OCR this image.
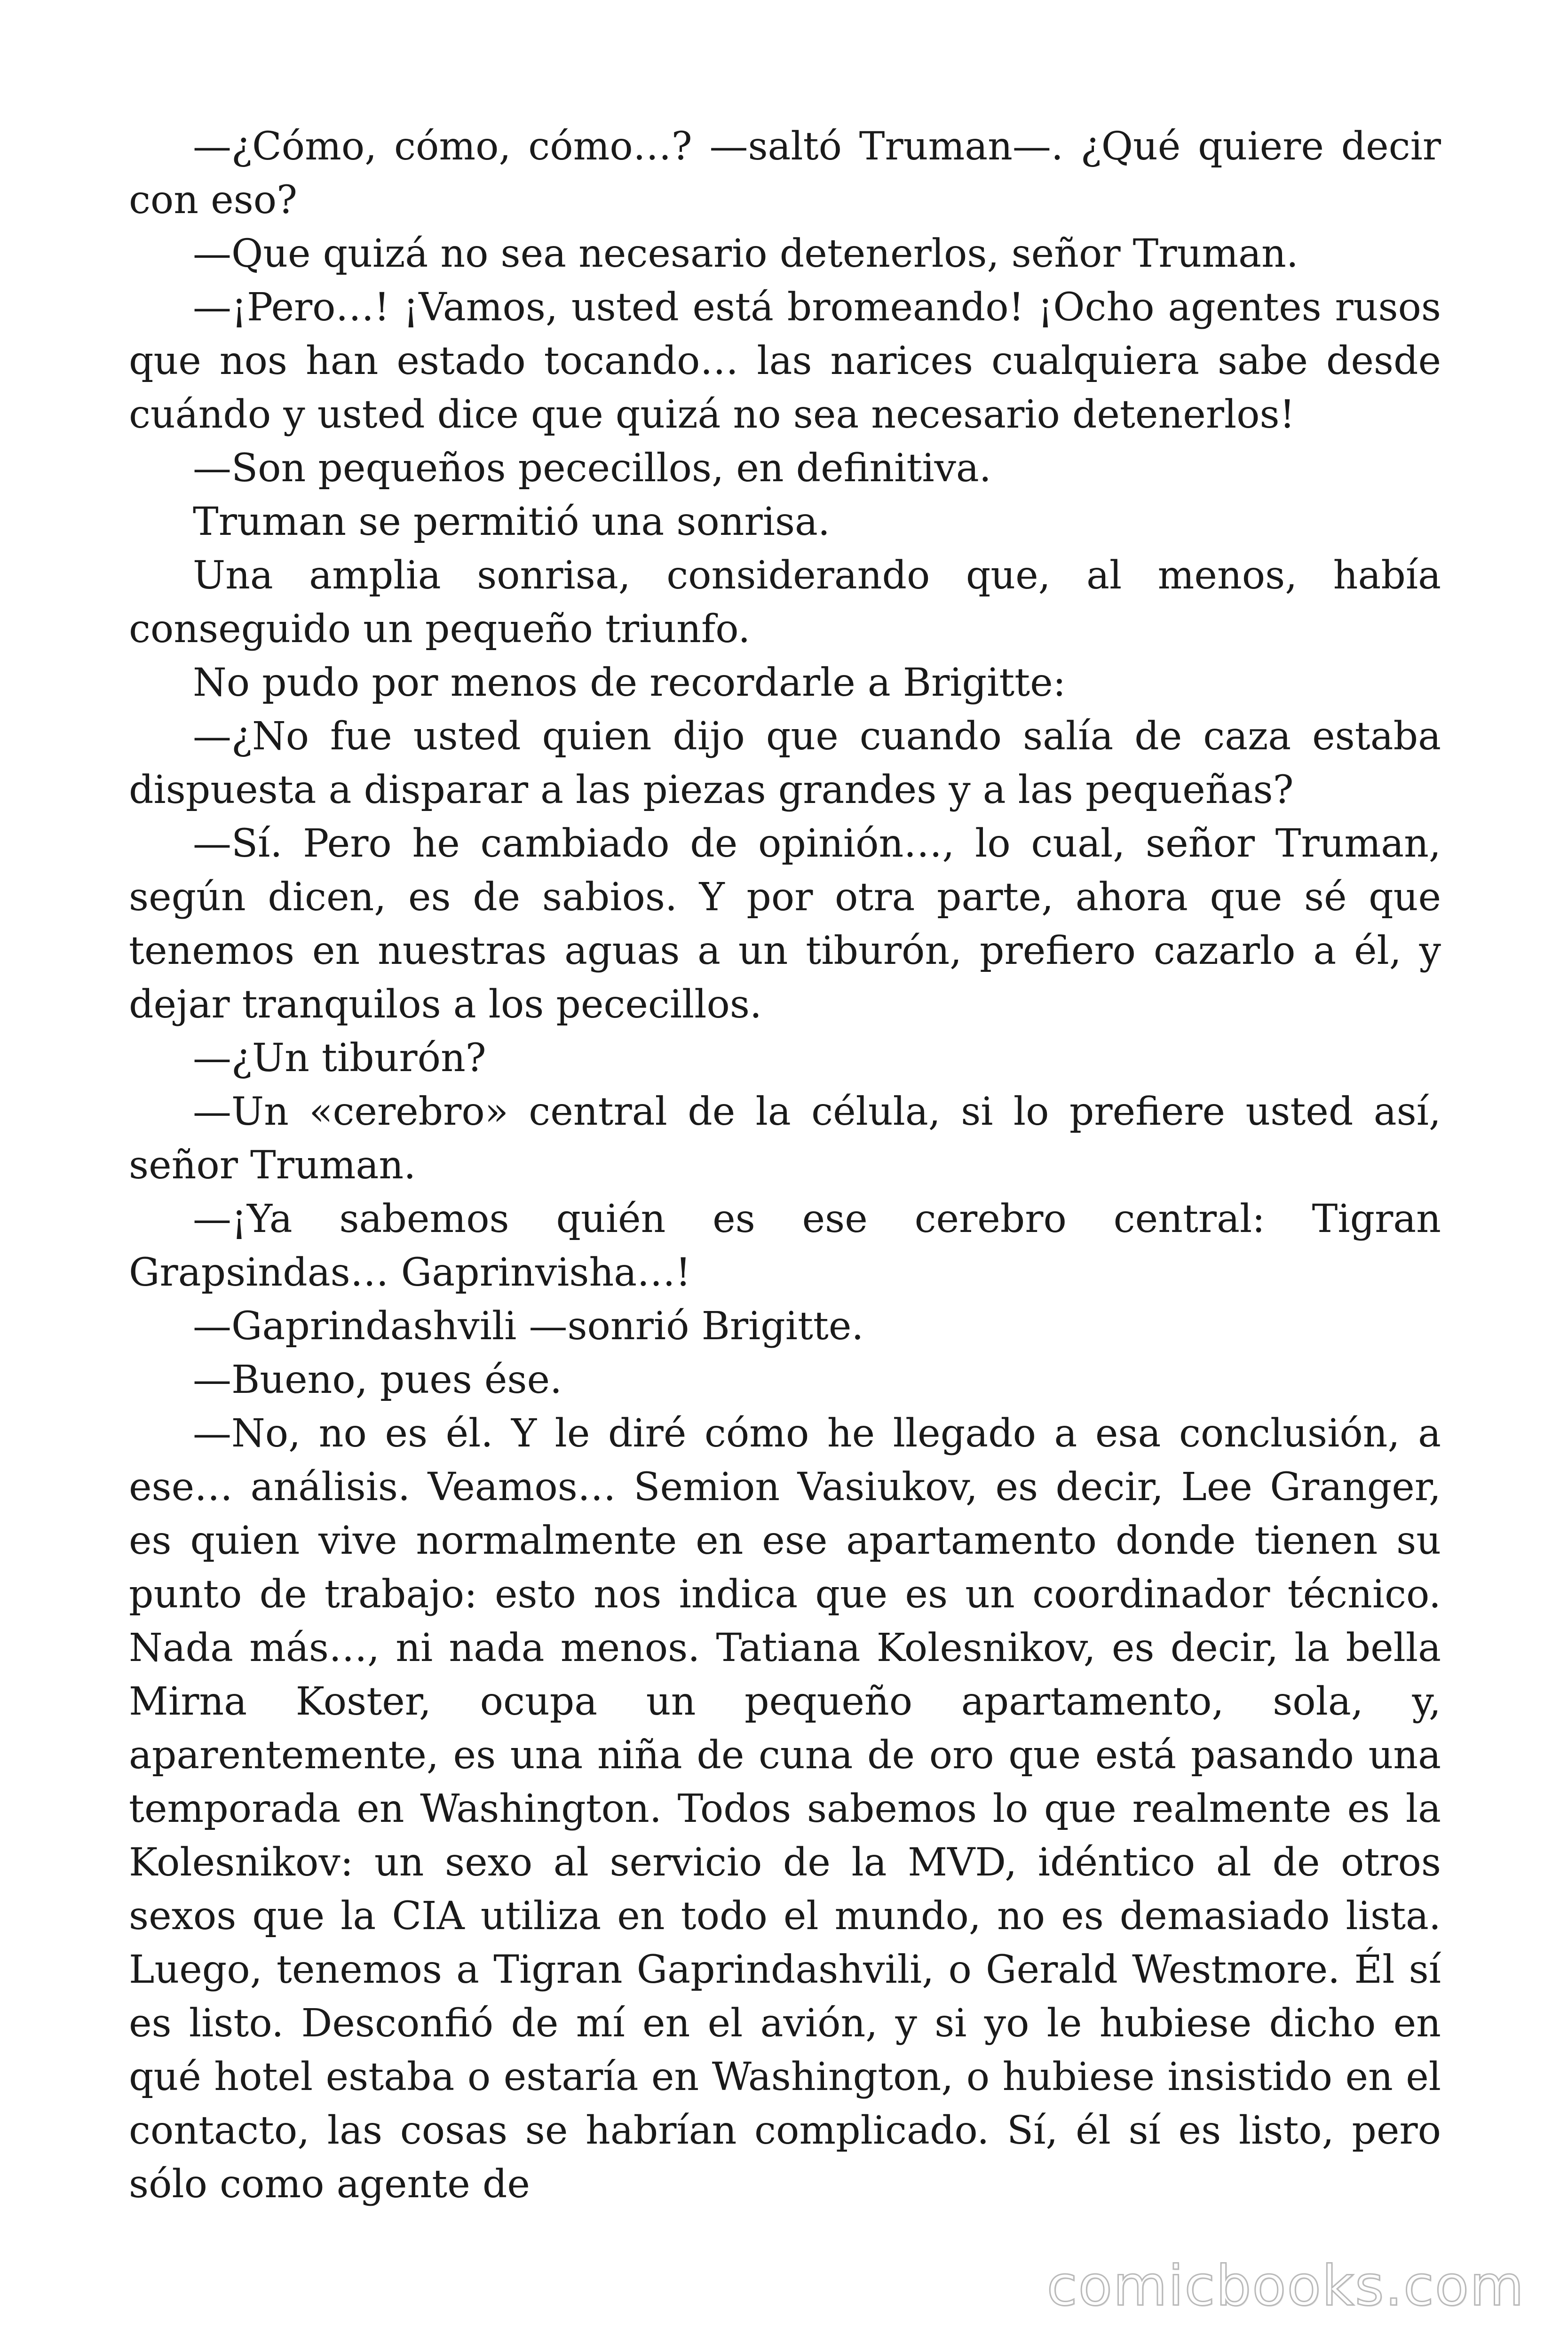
—¿Cómo, cómo, cómo…? —saltó Truman—. ¿Qué quiere decir con eso?

—Que quizá no sea necesario detenerlos, señor Truman.

—¡Pero…! ¡Vamos, usted está bromeando! ¡Ocho agentes rusos que nos han estado tocando… las narices cualquiera sabe desde cuándo y usted dice que quizá no sea necesario detenerlos!

—Son pequeños pececillos, en definitiva.

Truman se permitió una sonrisa.

Una amplia sonrisa, considerando que, al menos, había conseguido un pequeño triunfo.

No pudo por menos de recordarle a Brigitte:

—¿No fue usted quien dijo que cuando salía de caza estaba dispuesta a disparar a las piezas grandes y a las pequeñas?

—Sí. Pero he cambiado de opinión…, lo cual, señor Truman, según dicen, es de sabios. Y por otra parte, ahora que sé que tenemos en nuestras aguas a un tiburón, prefiero cazarlo a él, y dejar tranquilos a los pececillos.

—¿Un tiburón?

—Un «cerebro» central de la célula, si lo prefiere usted así, señor Truman.

—¡Ya sabemos quién es ese cerebro central: Tigran Grapsindas… Gaprinvisha…!

—Gaprindashvili —sonrió Brigitte.

—Bueno, pues ése.

—No, no es él. Y le diré cómo he llegado a esa conclusión, a ese… análisis. Veamos… Semion Vasiukov, es decir, Lee Granger, es quien vive normalmente en ese apartamento donde tienen su punto de trabajo: esto nos indica que es un coordinador técnico. Nada más…, ni nada menos. Tatiana Kolesnikov, es decir, la bella Mirna Koster, ocupa un pequeño apartamento, sola, y, aparentemente, es una niña de cuna de oro que está pasando una temporada en Washington. Todos sabemos lo que realmente es la Kolesnikov: un sexo al servicio de la MVD, idéntico al de otros sexos que la CIA utiliza en todo el mundo, no es demasiado lista. Luego, tenemos a Tigran Gaprindashvili, o Gerald Westmore. Él sí es listo. Desconfió de mí en el avión, y si yo le hubiese dicho en qué hotel estaba o estaría en Washington, o hubiese insistido en el contacto, las cosas se habrían complicado. Sí, él sí es listo, pero sólo como agente de

comicbooks.com
